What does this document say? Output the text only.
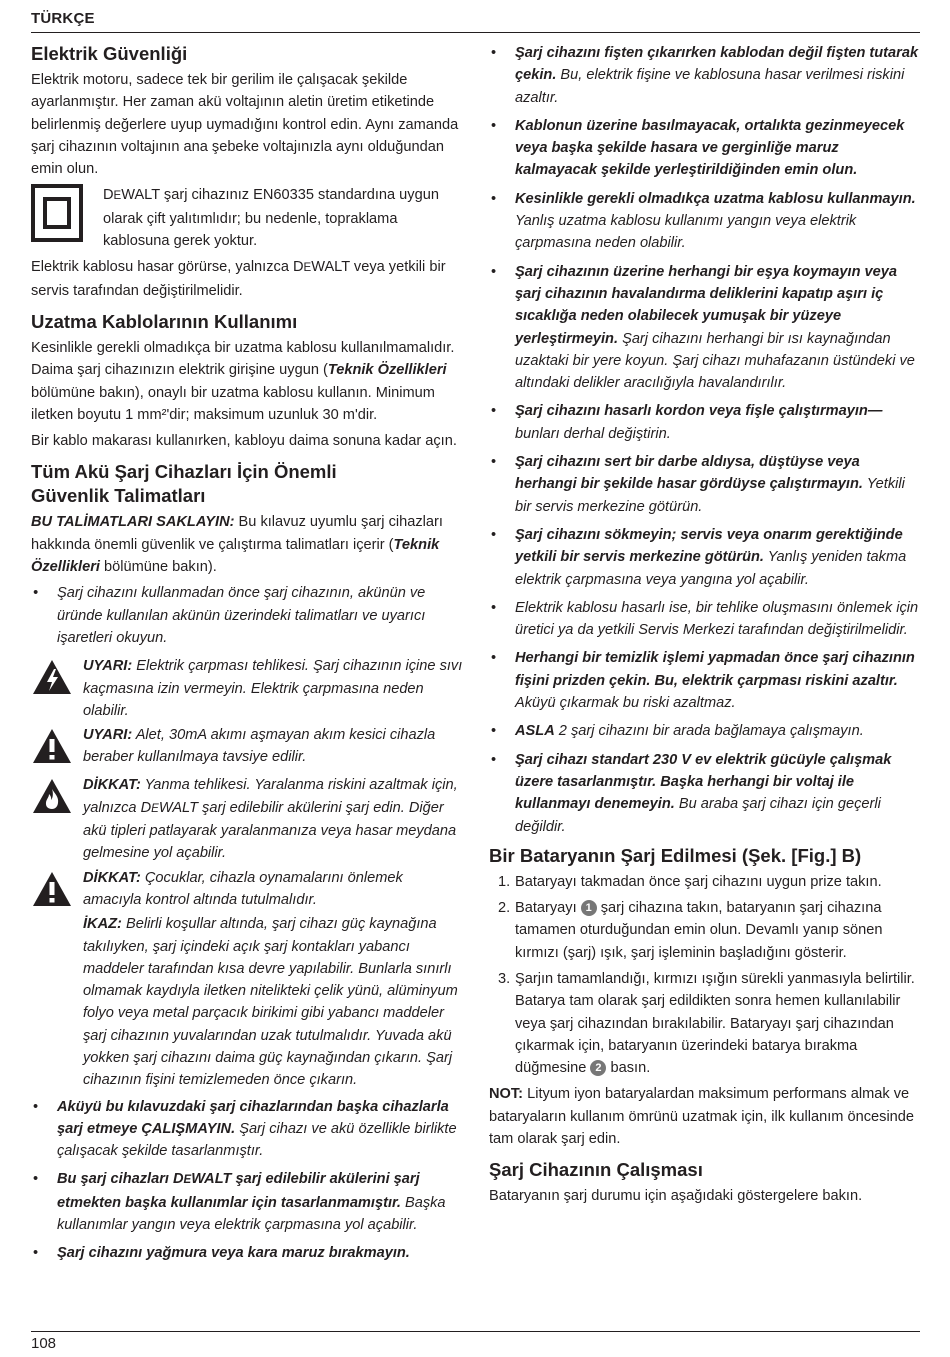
TÜRKÇE
Elektrik Güvenliği

Elektrik motoru, sadece tek bir gerilim ile çalışacak şekilde ayarlanmıştır. Her zaman akü voltajının aletin üretim etiketinde belirlenmiş değerlere uyup uymadığını kontrol edin. Aynı zamanda şarj cihazının voltajının ana şebeke voltajınızla aynı olduğundan emin olun.

DEWALT şarj cihazınız EN60335 standardına uygun olarak çift yalıtımlıdır; bu nedenle, topraklama kablosuna gerek yoktur.

Elektrik kablosu hasar görürse, yalnızca DEWALT veya yetkili bir servis tarafından değiştirilmelidir.

Uzatma Kablolarının Kullanımı

Kesinlikle gerekli olmadıkça bir uzatma kablosu kullanılmamalıdır. Daima şarj cihazınızın elektrik girişine uygun (Teknik Özellikleri bölümüne bakın), onaylı bir uzatma kablosu kullanın. Minimum iletken boyutu 1 mm²'dir; maksimum uzunluk 30 m'dir.

Bir kablo makarası kullanırken, kabloyu daima sonuna kadar açın.

Tüm Akü Şarj Cihazları İçin Önemli
Güvenlik Talimatları

BU TALİMATLARI SAKLAYIN: Bu kılavuz uyumlu şarj cihazları hakkında önemli güvenlik ve çalıştırma talimatları içerir (Teknik Özellikleri bölümüne bakın).

• Şarj cihazını kullanmadan önce şarj cihazının, akünün ve üründe kullanılan akünün üzerindeki talimatları ve uyarıcı işaretleri okuyun.
UYARI: Elektrik çarpması tehlikesi. Şarj cihazının içine sıvı kaçmasına izin vermeyin. Elektrik çarpmasına neden olabilir.
UYARI: Alet, 30mA akımı aşmayan akım kesici cihazla beraber kullanılmaya tavsiye edilir.
DİKKAT: Yanma tehlikesi. Yaralanma riskini azaltmak için, yalnızca DEWALT şarj edilebilir akülerini şarj edin. Diğer akü tipleri patlayarak yaralanmanıza veya hasar meydana gelmesine yol açabilir.

DİKKAT: Çocuklar, cihazla oynamalarını önlemek amacıyla kontrol altında tutulmalıdır.

İKAZ: Belirli koşullar altında, şarj cihazı güç kaynağına takılıyken, şarj içindeki açık şarj kontakları yabancı maddeler tarafından kısa devre yapılabilir. Bunlarla sınırlı olmamak kaydıyla iletken nitelikteki çelik yünü, alüminyum folyo veya metal parçacık birikimi gibi yabancı maddeler şarj cihazının yuvalarından uzak tutulmalıdır. Yuvada akü yokken şarj cihazını daima güç kaynağından çıkarın. Şarj cihazının fişini temizlemeden önce çıkarın.

• Aküyü bu kılavuzdaki şarj cihazlarından başka cihazlarla şarj etmeye ÇALIŞMAYIN. Şarj cihazı ve akü özellikle birlikte çalışacak şekilde tasarlanmıştır.
• Bu şarj cihazları DEWALT şarj edilebilir akülerini şarj etmekten başka kullanımlar için tasarlanmamıştır. Başka kullanımlar yangın veya elektrik çarpmasına yol açabilir.
• Şarj cihazını yağmura veya kara maruz bırakmayın.
• Şarj cihazını fişten çıkarırken kablodan değil fişten tutarak çekin. Bu, elektrik fişine ve kablosuna hasar verilmesi riskini azaltır.
• Kablonun üzerine basılmayacak, ortalıkta gezinmeyecek veya başka şekilde hasara ve gerginliğe maruz kalmayacak şekilde yerleştirildiğinden emin olun.
• Kesinlikle gerekli olmadıkça uzatma kablosu kullanmayın. Yanlış uzatma kablosu kullanımı yangın veya elektrik çarpmasına neden olabilir.
• Şarj cihazının üzerine herhangi bir eşya koymayın veya şarj cihazının havalandırma deliklerini kapatıp aşırı iç sıcaklığa neden olabilecek yumuşak bir yüzeye yerleştirmeyin. Şarj cihazını herhangi bir ısı kaynağından uzaktaki bir yere koyun. Şarj cihazı muhafazanın üstündeki ve altındaki delikler aracılığıyla havalandırılır.
• Şarj cihazını hasarlı kordon veya fişle çalıştırmayın— bunları derhal değiştirin.
• Şarj cihazını sert bir darbe aldıysa, düştüyse veya herhangi bir şekilde hasar gördüyse çalıştırmayın. Yetkili bir servis merkezine götürün.
• Şarj cihazını sökmeyin; servis veya onarım gerektiğinde yetkili bir servis merkezine götürün. Yanlış yeniden takma elektrik çarpmasına veya yangına yol açabilir.
• Elektrik kablosu hasarlı ise, bir tehlike oluşmasını önlemek için üretici ya da yetkili Servis Merkezi tarafından değiştirilmelidir.
• Herhangi bir temizlik işlemi yapmadan önce şarj cihazının fişini prizden çekin. Bu, elektrik çarpması riskini azaltır. Aküyü çıkarmak bu riski azaltmaz.
• ASLA 2 şarj cihazını bir arada bağlamaya çalışmayın.
• Şarj cihazı standart 230 V ev elektrik gücüyle çalışmak üzere tasarlanmıştır. Başka herhangi bir voltaj ile kullanmayı denemeyin. Bu araba şarj cihazı için geçerli değildir.
Bir Bataryanın Şarj Edilmesi (Şek. [Fig.] B)
1. Bataryayı takmadan önce şarj cihazını uygun prize takın.
2. Bataryayı 1 şarj cihazına takın, bataryanın şarj cihazına tamamen oturduğundan emin olun. Devamlı yanıp sönen kırmızı (şarj) ışık, şarj işleminin başladığını gösterir.
3. Şarjın tamamlandığı, kırmızı ışığın sürekli yanmasıyla belirtilir. Batarya tam olarak şarj edildikten sonra hemen kullanılabilir veya şarj cihazından bırakılabilir. Bataryayı şarj cihazından çıkarmak için, bataryanın üzerindeki batarya bırakma düğmesine 2 basın.

NOT: Lityum iyon bataryalardan maksimum performans almak ve bataryaların kullanım ömrünü uzatmak için, ilk kullanım öncesinde tam olarak şarj edin.

Şarj Cihazının Çalışması

Bataryanın şarj durumu için aşağıdaki göstergelere bakın.

108
